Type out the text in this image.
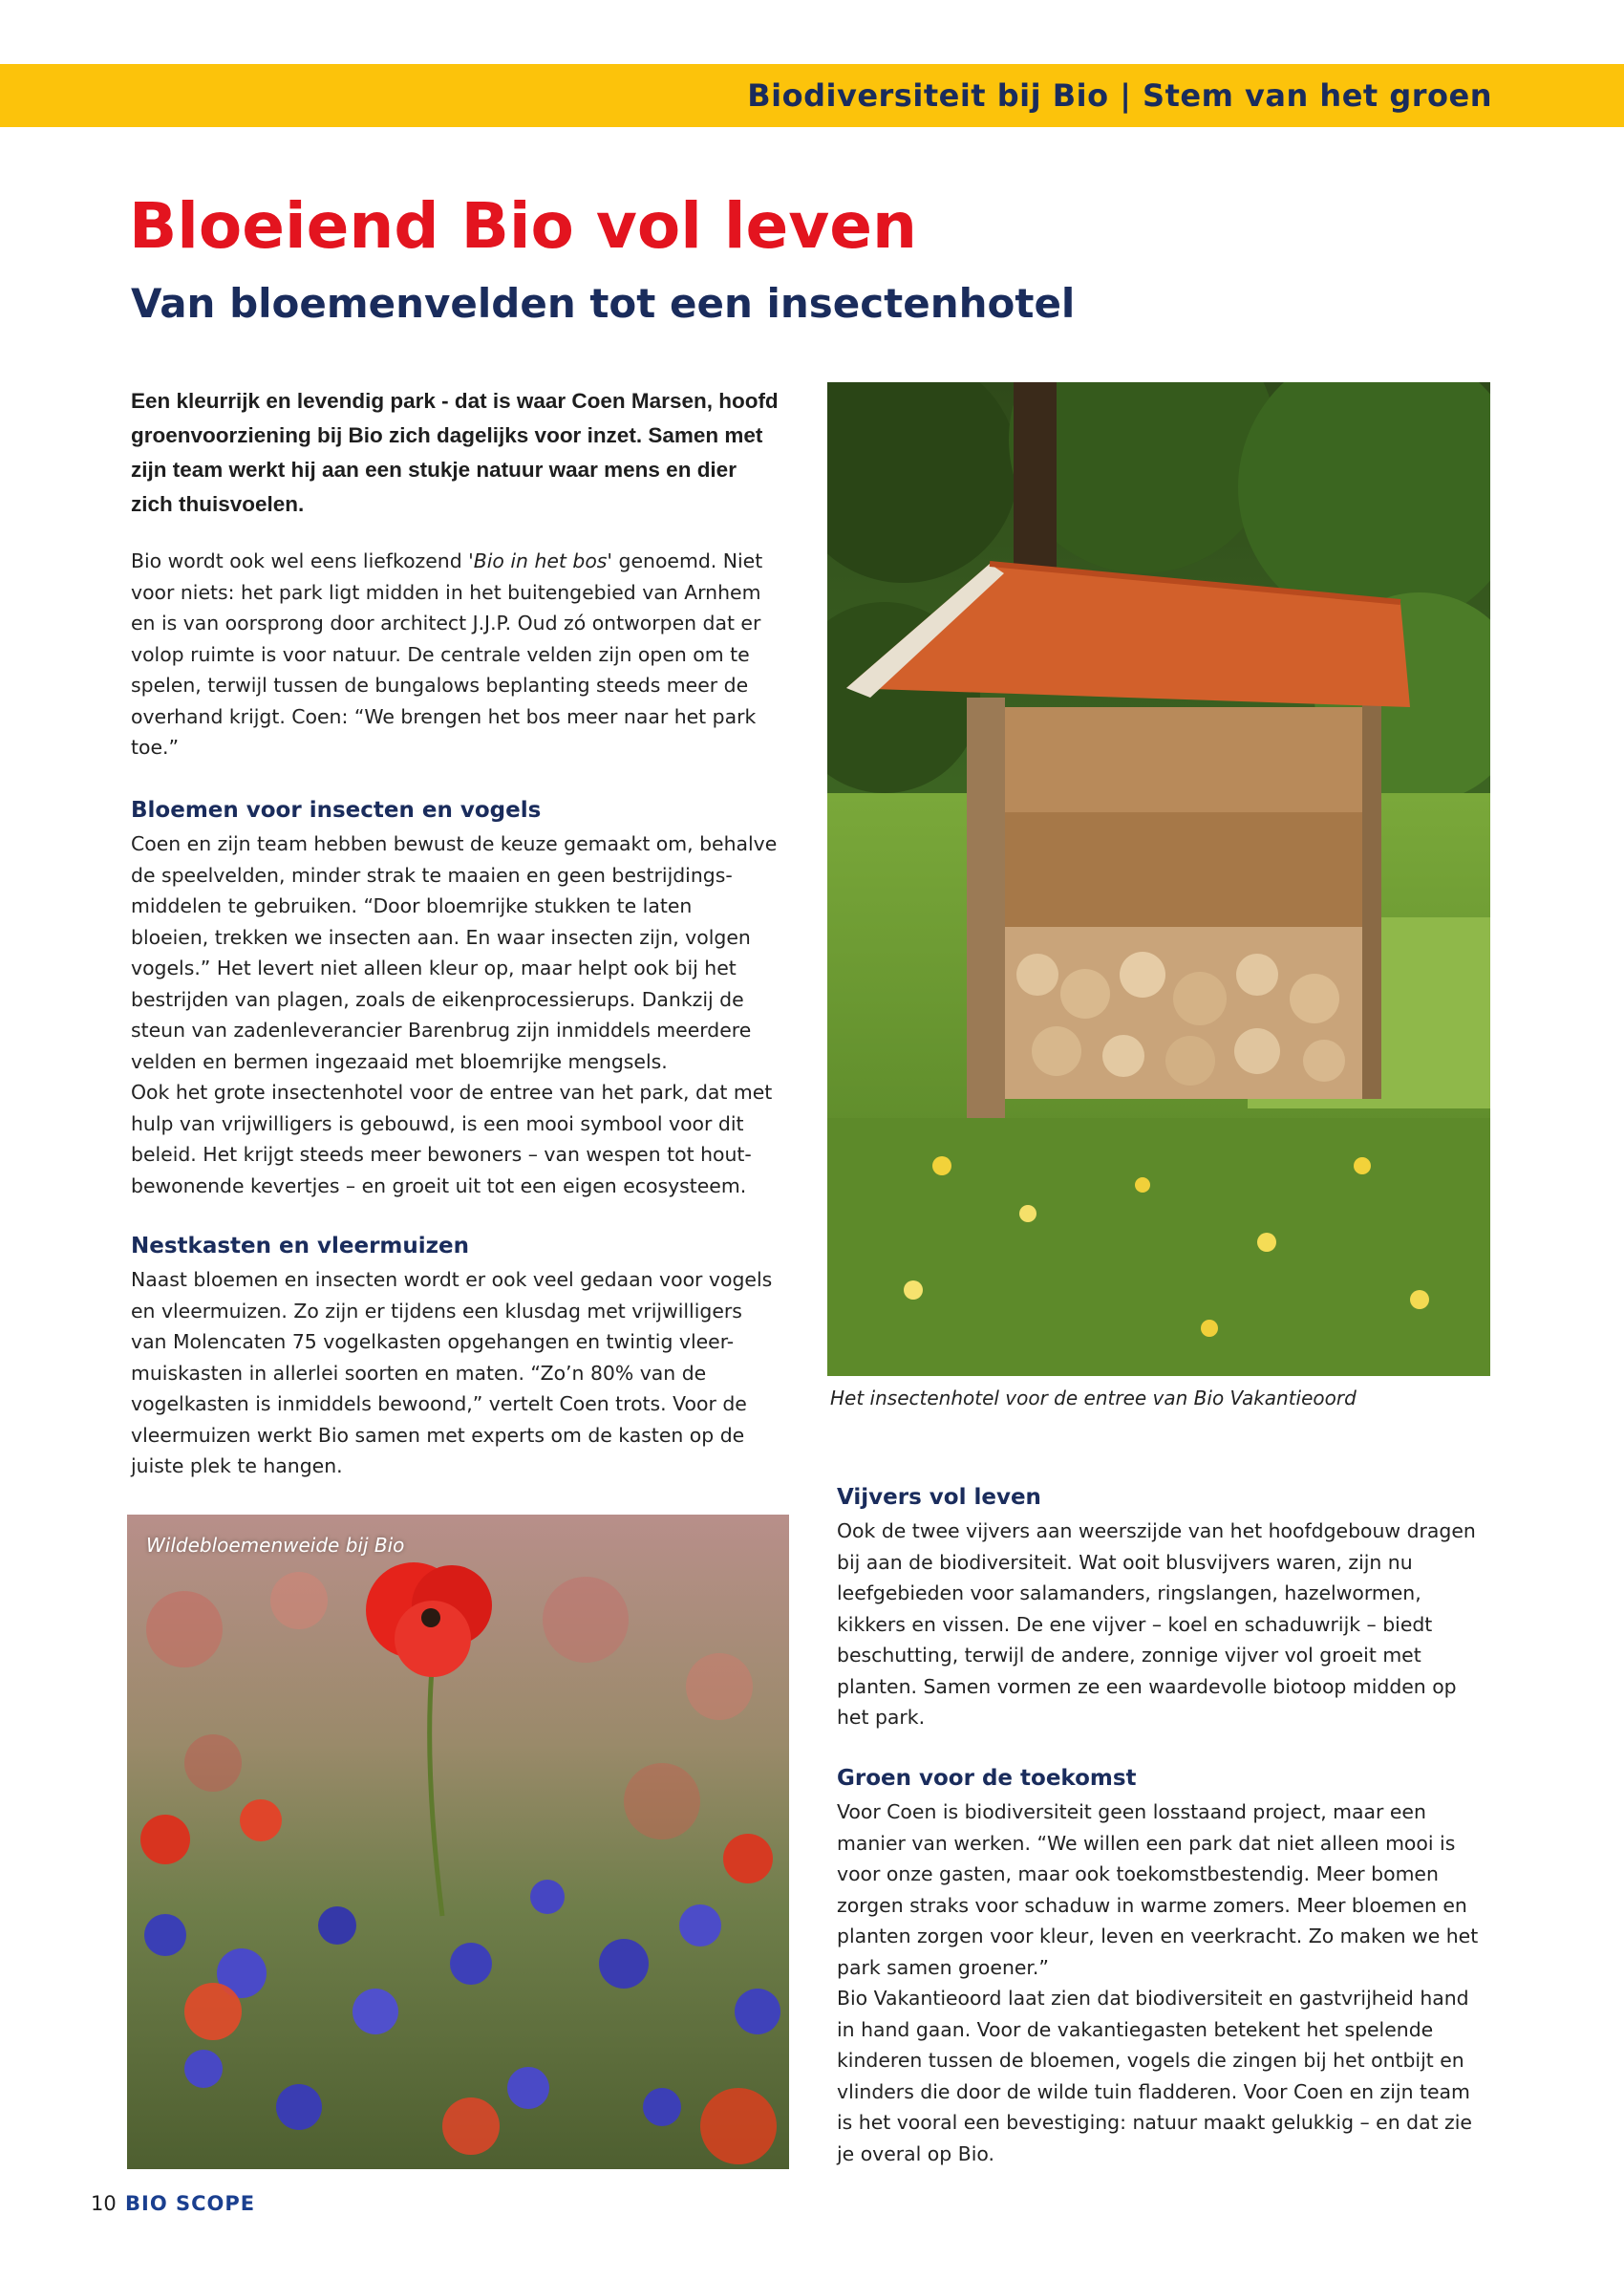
Biodiversiteit bij Bio | Stem van het groen
Bloeiend Bio vol leven
Van bloemenvelden tot een insectenhotel

Een kleurrijk en levendig park - dat is waar Coen Marsen, hoofd groenvoorziening bij Bio zich dagelijks voor inzet. Samen met zijn team werkt hij aan een stukje natuur waar mens en dier zich thuisvoelen.

Bio wordt ook wel eens liefkozend 'Bio in het bos' genoemd. Niet
voor niets: het park ligt midden in het buitengebied van Arnhem
en is van oorsprong door architect J.J.P. Oud zó ontworpen dat er
volop ruimte is voor natuur. De centrale velden zijn open om te
spelen, terwijl tussen de bungalows beplanting steeds meer de
overhand krijgt. Coen: “We brengen het bos meer naar het park
toe.”
Bloemen voor insecten en vogels
Coen en zijn team hebben bewust de keuze gemaakt om, behalve
de speelvelden, minder strak te maaien en geen bestrijdings-
middelen te gebruiken. “Door bloemrijke stukken te laten
bloeien, trekken we insecten aan. En waar insecten zijn, volgen
vogels.” Het levert niet alleen kleur op, maar helpt ook bij het
bestrijden van plagen, zoals de eikenprocessierups. Dankzij de
steun van zadenleverancier Barenbrug zijn inmiddels meerdere
velden en bermen ingezaaid met bloemrijke mengsels.
Ook het grote insectenhotel voor de entree van het park, dat met
hulp van vrijwilligers is gebouwd, is een mooi symbool voor dit
beleid. Het krijgt steeds meer bewoners – van wespen tot hout-
bewonende kevertjes – en groeit uit tot een eigen ecosysteem.
Nestkasten en vleermuizen
Naast bloemen en insecten wordt er ook veel gedaan voor vogels
en vleermuizen. Zo zijn er tijdens een klusdag met vrijwilligers
van Molencaten 75 vogelkasten opgehangen en twintig vleer-
muiskasten in allerlei soorten en maten. “Zo’n 80% van de
vogelkasten is inmiddels bewoond,” vertelt Coen trots. Voor de
vleermuizen werkt Bio samen met experts om de kasten op de
juiste plek te hangen.

Het insectenhotel voor de entree van Bio Vakantieoord

Vijvers vol leven
Ook de twee vijvers aan weerszijde van het hoofdgebouw dragen
bij aan de biodiversiteit. Wat ooit blusvijvers waren, zijn nu
leefgebieden voor salamanders, ringslangen, hazelwormen,
kikkers en vissen. De ene vijver – koel en schaduwrijk – biedt
beschutting, terwijl de andere, zonnige vijver vol groeit met
planten. Samen vormen ze een waardevolle biotoop midden op
het park.
Groen voor de toekomst
Voor Coen is biodiversiteit geen losstaand project, maar een
manier van werken. “We willen een park dat niet alleen mooi is
voor onze gasten, maar ook toekomstbestendig. Meer bomen
zorgen straks voor schaduw in warme zomers. Meer bloemen en
planten zorgen voor kleur, leven en veerkracht. Zo maken we het
park samen groener.”
Bio Vakantieoord laat zien dat biodiversiteit en gastvrijheid hand
in hand gaan. Voor de vakantiegasten betekent het spelende
kinderen tussen de bloemen, vogels die zingen bij het ontbijt en
vlinders die door de wilde tuin fladderen. Voor Coen en zijn team
is het vooral een bevestiging: natuur maakt gelukkig – en dat zie
je overal op Bio.

Wildebloemenweide bij Bio

10 BIO SCOPE
